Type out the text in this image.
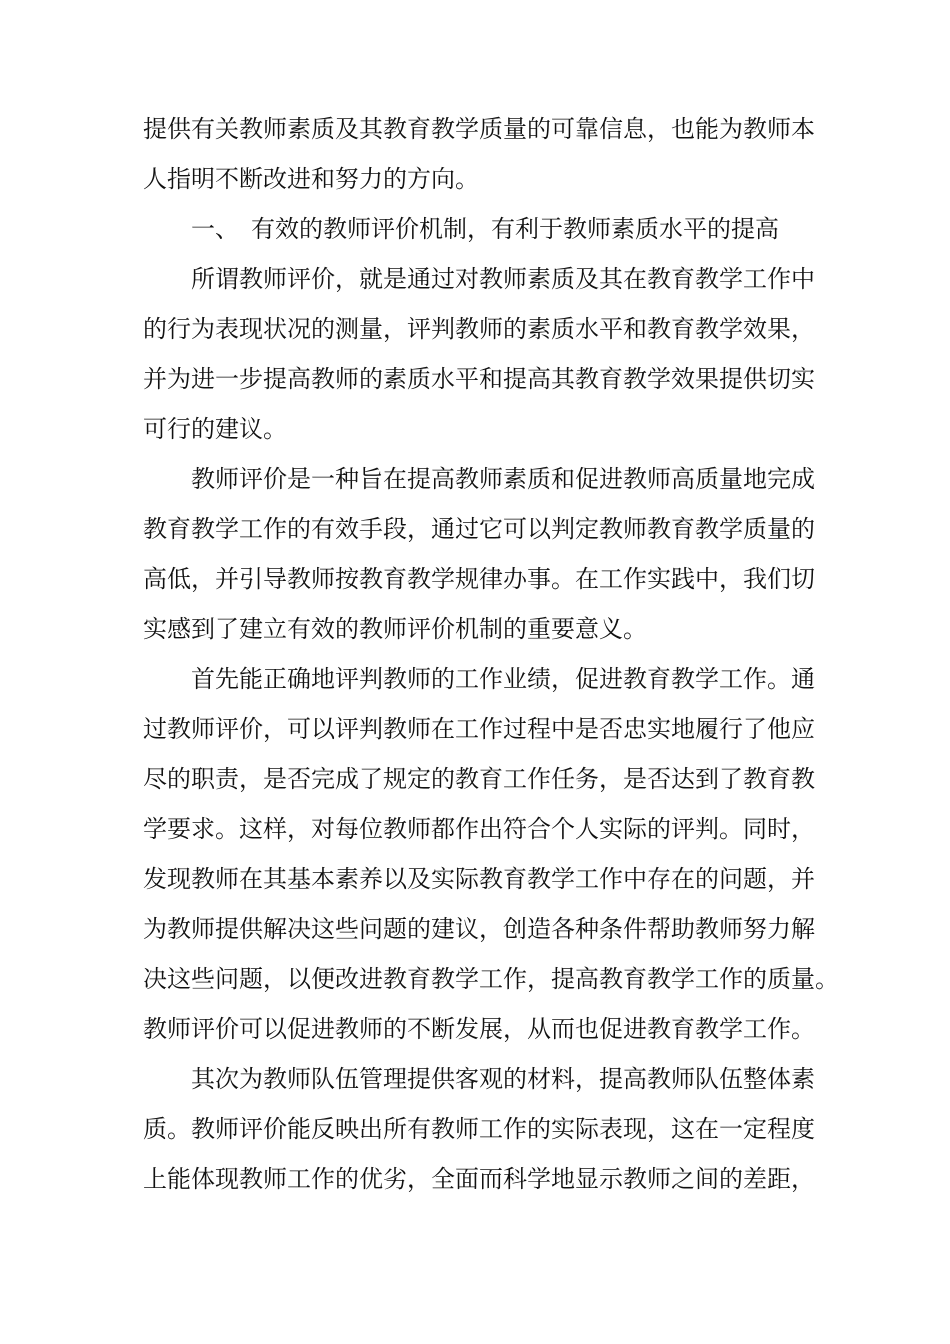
提供有关教师素质及其教育教学质量的可靠信息，也能为教师本
人指明不断改进和努力的方向。
一、 有效的教师评价机制，有利于教师素质水平的提高
所谓教师评价，就是通过对教师素质及其在教育教学工作中
的行为表现状况的测量，评判教师的素质水平和教育教学效果，
并为进一步提高教师的素质水平和提高其教育教学效果提供切实
可行的建议。
教师评价是一种旨在提高教师素质和促进教师高质量地完成
教育教学工作的有效手段，通过它可以判定教师教育教学质量的
高低，并引导教师按教育教学规律办事。在工作实践中，我们切
实感到了建立有效的教师评价机制的重要意义。
首先能正确地评判教师的工作业绩，促进教育教学工作。通
过教师评价，可以评判教师在工作过程中是否忠实地履行了他应
尽的职责，是否完成了规定的教育工作任务，是否达到了教育教
学要求。这样，对每位教师都作出符合个人实际的评判。同时，
发现教师在其基本素养以及实际教育教学工作中存在的问题，并
为教师提供解决这些问题的建议，创造各种条件帮助教师努力解
决这些问题，以便改进教育教学工作，提高教育教学工作的质量。
教师评价可以促进教师的不断发展，从而也促进教育教学工作。
其次为教师队伍管理提供客观的材料，提高教师队伍整体素
质。教师评价能反映出所有教师工作的实际表现，这在一定程度
上能体现教师工作的优劣，全面而科学地显示教师之间的差距，
